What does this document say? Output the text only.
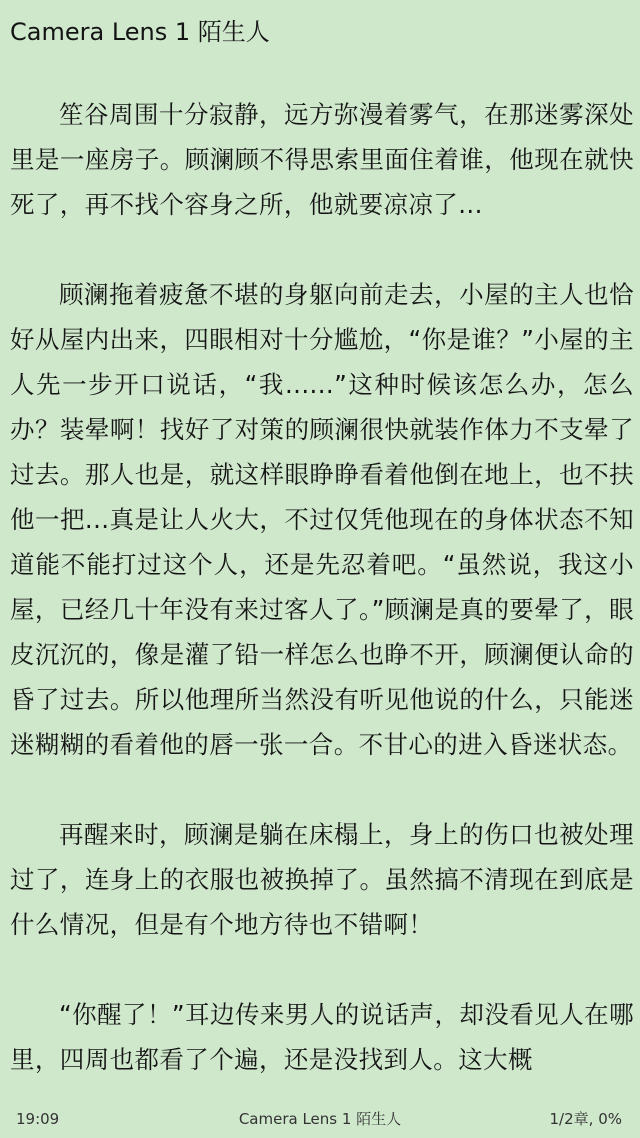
Camera Lens 1 陌生人

笙谷周围十分寂静，远方弥漫着雾气，在那迷雾深处里是一座房子。顾澜顾不得思索里面住着谁，他现在就快死了，再不找个容身之所，他就要凉凉了...

顾澜拖着疲惫不堪的身躯向前走去，小屋的主人也恰好从屋内出来，四眼相对十分尴尬，“你是谁？”小屋的主人先一步开口说话，“我......”这种时候该怎么办，怎么办？装晕啊！找好了对策的顾澜很快就装作体力不支晕了过去。那人也是，就这样眼睁睁看着他倒在地上，也不扶他一把...真是让人火大，不过仅凭他现在的身体状态不知道能不能打过这个人，还是先忍着吧。“虽然说，我这小屋，已经几十年没有来过客人了。”顾澜是真的要晕了，眼皮沉沉的，像是灌了铅一样怎么也睁不开，顾澜便认命的昏了过去。所以他理所当然没有听见他说的什么，只能迷迷糊糊的看着他的唇一张一合。不甘心的进入昏迷状态。

再醒来时，顾澜是躺在床榻上，身上的伤口也被处理过了，连身上的衣服也被换掉了。虽然搞不清现在到底是什么情况，但是有个地方待也不错啊！

“你醒了！”耳边传来男人的说话声，却没看见人在哪里，四周也都看了个遍，还是没找到人。这大概

19:09	Camera Lens 1 陌生人	1/2章, 0%
